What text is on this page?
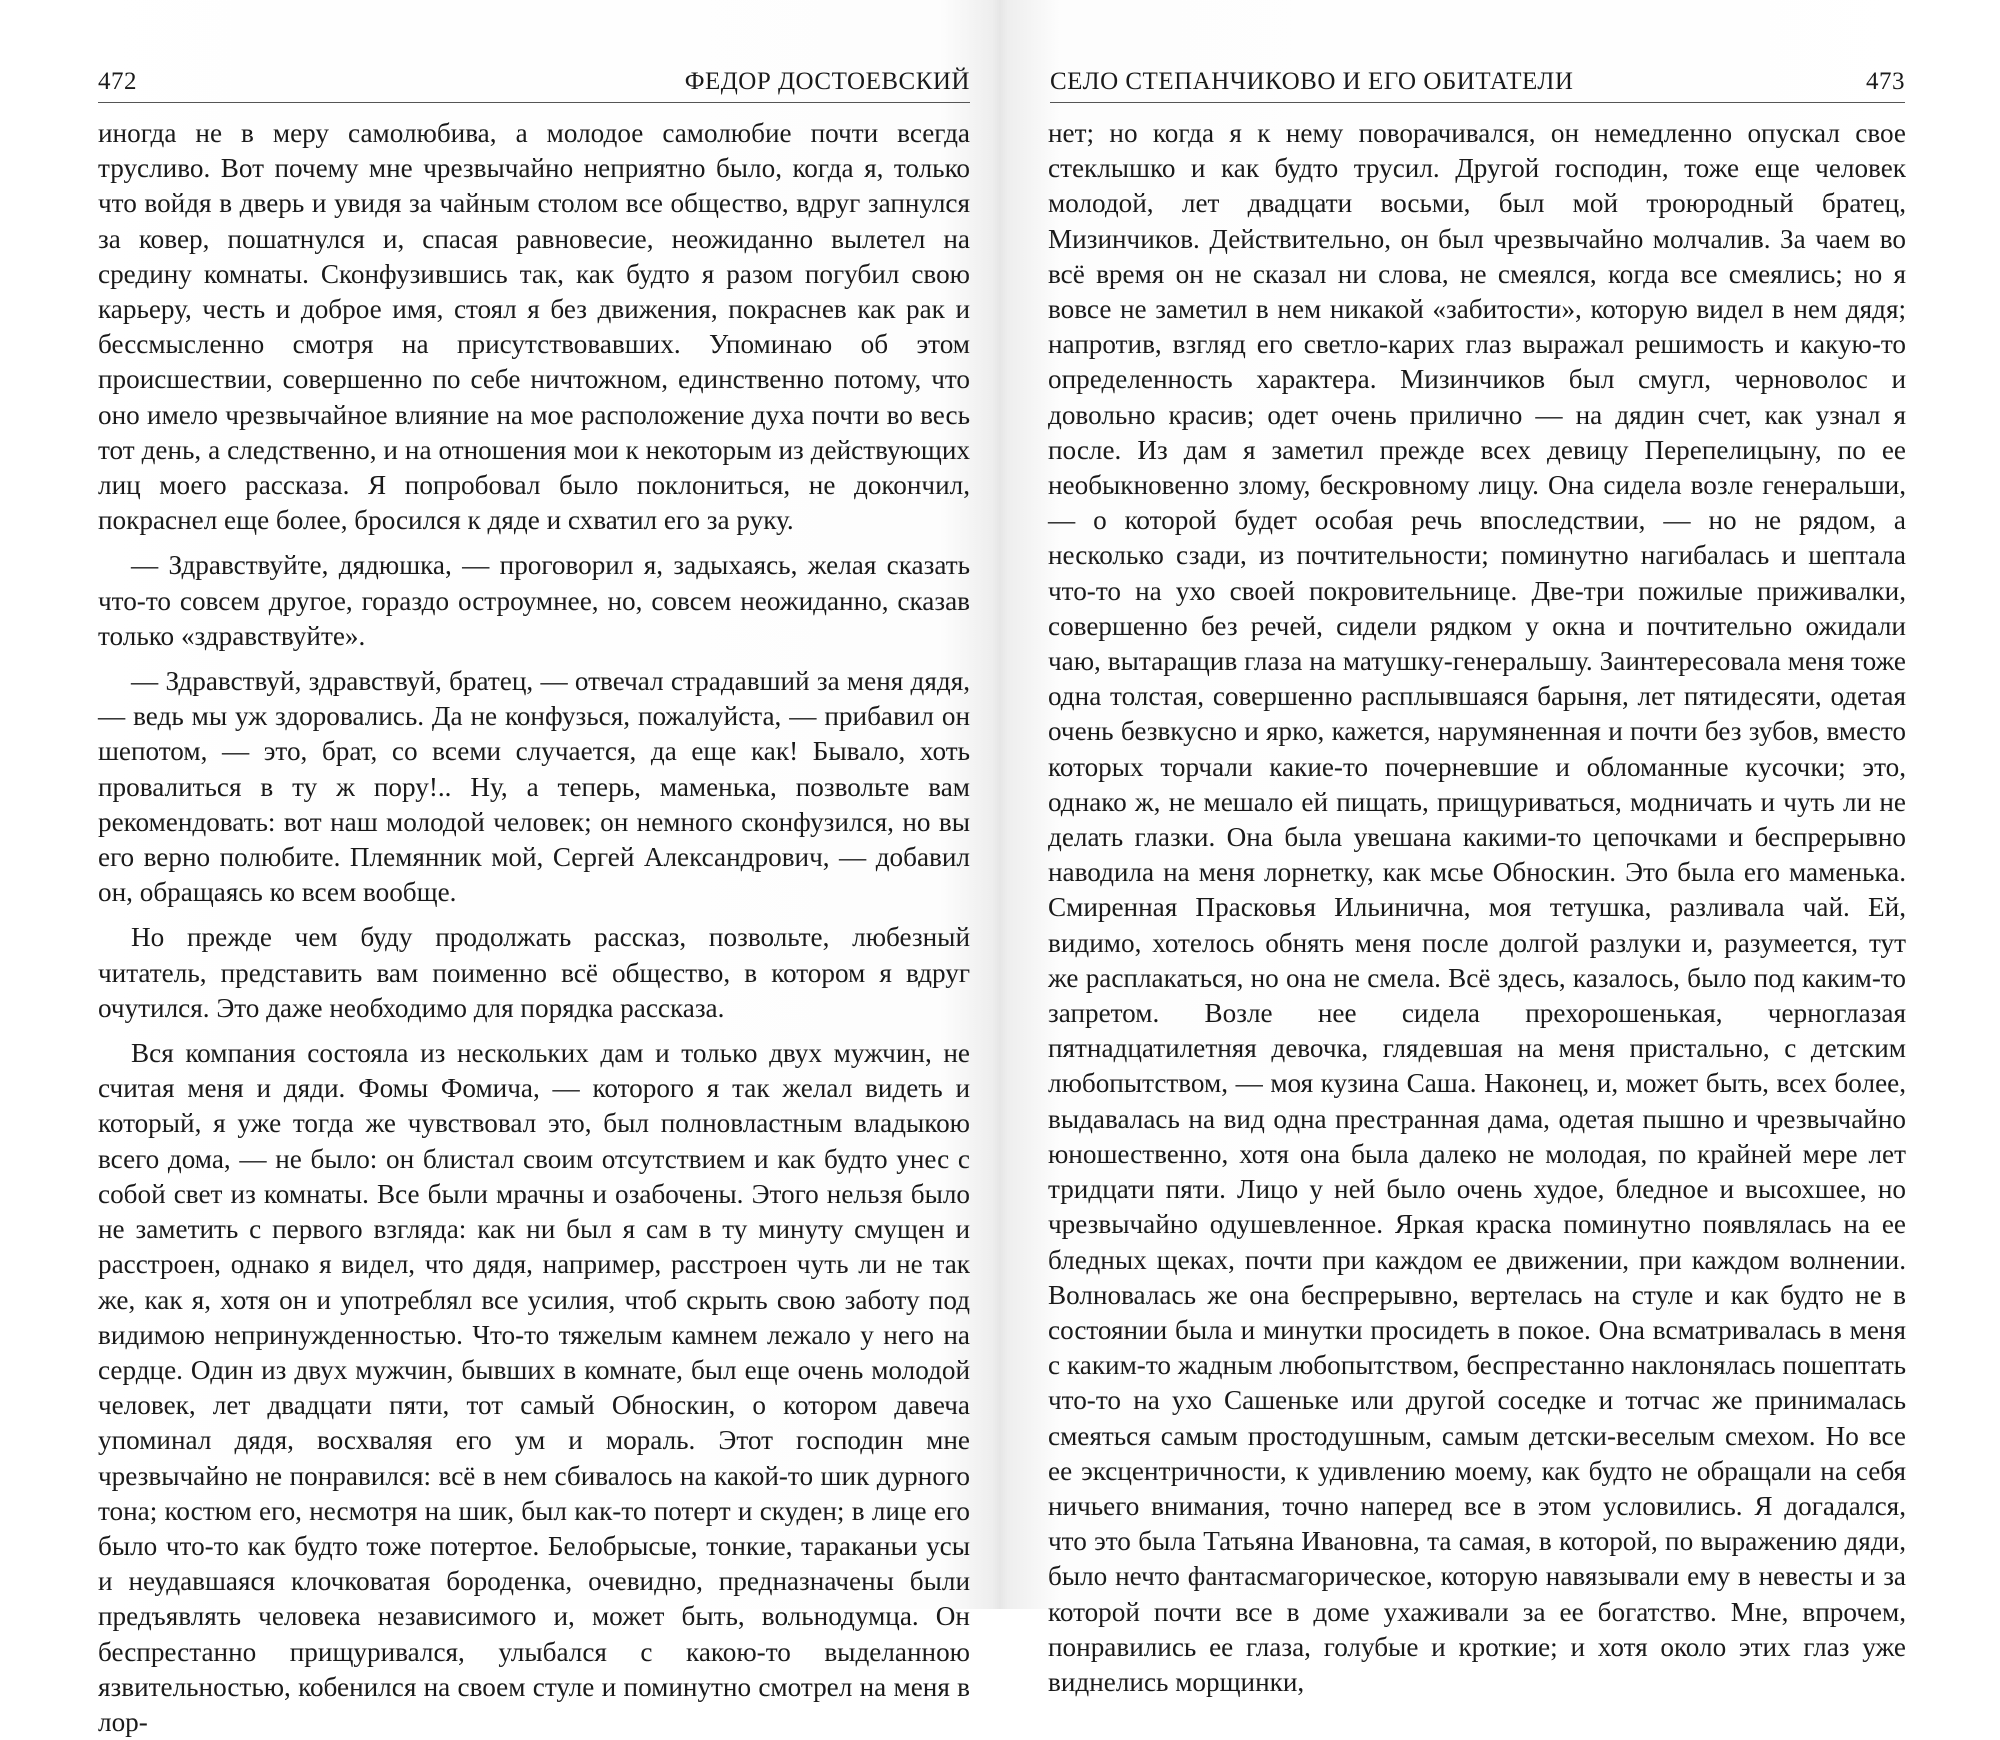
472	ФЕДОР ДОСТОЕВСКИЙ

иногда не в меру самолюбива, а молодое самолюбие почти всегда трусливо. Вот почему мне чрезвычайно неприятно было, когда я, только что войдя в дверь и увидя за чайным столом все общество, вдруг запнулся за ковер, пошатнулся и, спасая равновесие, неожиданно вылетел на средину комнаты. Сконфузившись так, как будто я разом погубил свою карьеру, честь и доброе имя, стоял я без движения, покраснев как рак и бессмысленно смотря на присутствовавших. Упоминаю об этом происшествии, совершенно по себе ничтожном, единственно потому, что оно имело чрезвычайное влияние на мое расположение духа почти во весь тот день, а следственно, и на отношения мои к некоторым из действующих лиц моего рассказа. Я попробовал было поклониться, не докончил, покраснел еще более, бросился к дяде и схватил его за руку.

— Здравствуйте, дядюшка, — проговорил я, задыхаясь, желая сказать что-то совсем другое, гораздо остроумнее, но, совсем неожиданно, сказав только «здравствуйте».

— Здравствуй, здравствуй, братец, — отвечал страдавший за меня дядя, — ведь мы уж здоровались. Да не конфузься, пожалуйста, — прибавил он шепотом, — это, брат, со всеми случается, да еще как! Бывало, хоть провалиться в ту ж пору!.. Ну, а теперь, маменька, позвольте вам рекомендовать: вот наш молодой человек; он немного сконфузился, но вы его верно полюбите. Племянник мой, Сергей Александрович, — добавил он, обращаясь ко всем вообще.

Но прежде чем буду продолжать рассказ, позвольте, любезный читатель, представить вам поименно всё общество, в котором я вдруг очутился. Это даже необходимо для порядка рассказа.

Вся компания состояла из нескольких дам и только двух мужчин, не считая меня и дяди. Фомы Фомича, — которого я так желал видеть и который, я уже тогда же чувствовал это, был полновластным владыкою всего дома, — не было: он блистал своим отсутствием и как будто унес с собой свет из комнаты. Все были мрачны и озабочены. Этого нельзя было не заметить с первого взгляда: как ни был я сам в ту минуту смущен и расстроен, однако я видел, что дядя, например, расстроен чуть ли не так же, как я, хотя он и употреблял все усилия, чтоб скрыть свою заботу под видимою непринужденностью. Что-то тяжелым камнем лежало у него на сердце. Один из двух мужчин, бывших в комнате, был еще очень молодой человек, лет двадцати пяти, тот самый Обноскин, о котором давеча упоминал дядя, восхваляя его ум и мораль. Этот господин мне чрезвычайно не понравился: всё в нем сбивалось на какой-то шик дурного тона; костюм его, несмотря на шик, был как-то потерт и скуден; в лице его было что-то как будто тоже потертое. Белобрысые, тонкие, тараканьи усы и неудавшаяся клочковатая бороденка, очевидно, предназначены были предъявлять человека независимого и, может быть, вольнодумца. Он беспрестанно прищуривался, улыбался с какою-то выделанною язвительностью, кобенился на своем стуле и поминутно смотрел на меня в лор-

СЕЛО СТЕПАНЧИКОВО И ЕГО ОБИТАТЕЛИ	473

нет; но когда я к нему поворачивался, он немедленно опускал свое стеклышко и как будто трусил. Другой господин, тоже еще человек молодой, лет двадцати восьми, был мой троюродный братец, Мизинчиков. Действительно, он был чрезвычайно молчалив. За чаем во всё время он не сказал ни слова, не смеялся, когда все смеялись; но я вовсе не заметил в нем никакой «забитости», которую видел в нем дядя; напротив, взгляд его светло-карих глаз выражал решимость и какую-то определенность характера. Мизинчиков был смугл, черноволос и довольно красив; одет очень прилично — на дядин счет, как узнал я после. Из дам я заметил прежде всех девицу Перепелицыну, по ее необыкновенно злому, бескровному лицу. Она сидела возле генеральши, — о которой будет особая речь впоследствии, — но не рядом, а несколько сзади, из почтительности; поминутно нагибалась и шептала что-то на ухо своей покровительнице. Две-три пожилые приживалки, совершенно без речей, сидели рядком у окна и почтительно ожидали чаю, вытаращив глаза на матушку-генеральшу. Заинтересовала меня тоже одна толстая, совершенно расплывшаяся барыня, лет пятидесяти, одетая очень безвкусно и ярко, кажется, нарумяненная и почти без зубов, вместо которых торчали какие-то почерневшие и обломанные кусочки; это, однако ж, не мешало ей пищать, прищуриваться, модничать и чуть ли не делать глазки. Она была увешана какими-то цепочками и беспрерывно наводила на меня лорнетку, как мсье Обноскин. Это была его маменька. Смиренная Прасковья Ильинична, моя тетушка, разливала чай. Ей, видимо, хотелось обнять меня после долгой разлуки и, разумеется, тут же расплакаться, но она не смела. Всё здесь, казалось, было под каким-то запретом. Возле нее сидела прехорошенькая, черноглазая пятнадцатилетняя девочка, глядевшая на меня пристально, с детским любопытством, — моя кузина Саша. Наконец, и, может быть, всех более, выдавалась на вид одна престранная дама, одетая пышно и чрезвычайно юношественно, хотя она была далеко не молодая, по крайней мере лет тридцати пяти. Лицо у ней было очень худое, бледное и высохшее, но чрезвычайно одушевленное. Яркая краска поминутно появлялась на ее бледных щеках, почти при каждом ее движении, при каждом волнении. Волновалась же она беспрерывно, вертелась на стуле и как будто не в состоянии была и минутки просидеть в покое. Она всматривалась в меня с каким-то жадным любопытством, беспрестанно наклонялась пошептать что-то на ухо Сашеньке или другой соседке и тотчас же принималась смеяться самым простодушным, самым детски-веселым смехом. Но все ее эксцентричности, к удивлению моему, как будто не обращали на себя ничьего внимания, точно наперед все в этом условились. Я догадался, что это была Татьяна Ивановна, та самая, в которой, по выражению дяди, было нечто фантасмагорическое, которую навязывали ему в невесты и за которой почти все в доме ухаживали за ее богатство. Мне, впрочем, понравились ее глаза, голубые и кроткие; и хотя около этих глаз уже виднелись морщинки,
